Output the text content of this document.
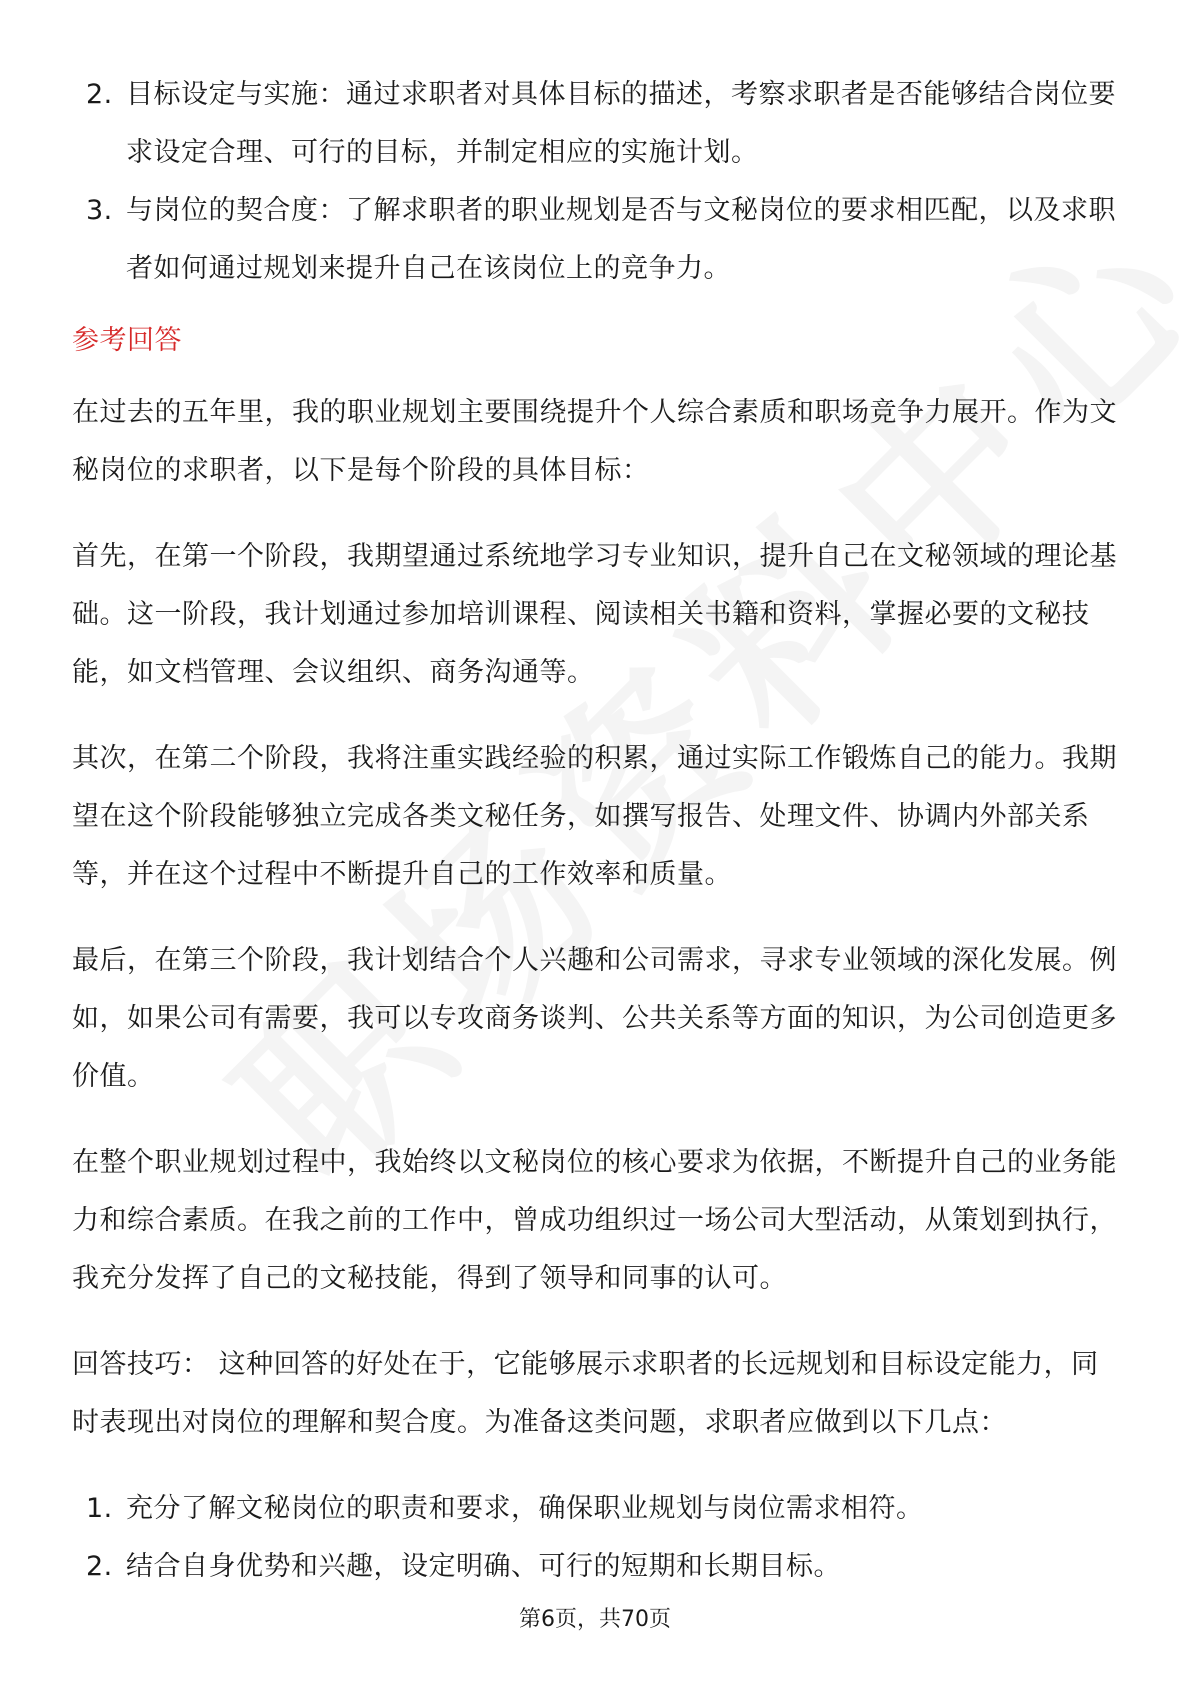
2. 目标设定与实施：通过求职者对具体目标的描述，考察求职者是否能够结合岗位要求设定合理、可行的目标，并制定相应的实施计划。
3. 与岗位的契合度：了解求职者的职业规划是否与文秘岗位的要求相匹配，以及求职者如何通过规划来提升自己在该岗位上的竞争力。
参考回答

在过去的五年里，我的职业规划主要围绕提升个人综合素质和职场竞争力展开。作为文秘岗位的求职者，以下是每个阶段的具体目标：

首先，在第一个阶段，我期望通过系统地学习专业知识，提升自己在文秘领域的理论基础。这一阶段，我计划通过参加培训课程、阅读相关书籍和资料，掌握必要的文秘技能，如文档管理、会议组织、商务沟通等。

其次，在第二个阶段，我将注重实践经验的积累，通过实际工作锻炼自己的能力。我期望在这个阶段能够独立完成各类文秘任务，如撰写报告、处理文件、协调内外部关系等，并在这个过程中不断提升自己的工作效率和质量。

最后，在第三个阶段，我计划结合个人兴趣和公司需求，寻求专业领域的深化发展。例如，如果公司有需要，我可以专攻商务谈判、公共关系等方面的知识，为公司创造更多价值。

在整个职业规划过程中，我始终以文秘岗位的核心要求为依据，不断提升自己的业务能力和综合素质。在我之前的工作中，曾成功组织过一场公司大型活动，从策划到执行，我充分发挥了自己的文秘技能，得到了领导和同事的认可。

回答技巧： 这种回答的好处在于，它能够展示求职者的长远规划和目标设定能力，同时表现出对岗位的理解和契合度。为准备这类问题，求职者应做到以下几点：

1. 充分了解文秘岗位的职责和要求，确保职业规划与岗位需求相符。
2. 结合自身优势和兴趣，设定明确、可行的短期和长期目标。
第6页，共70页
